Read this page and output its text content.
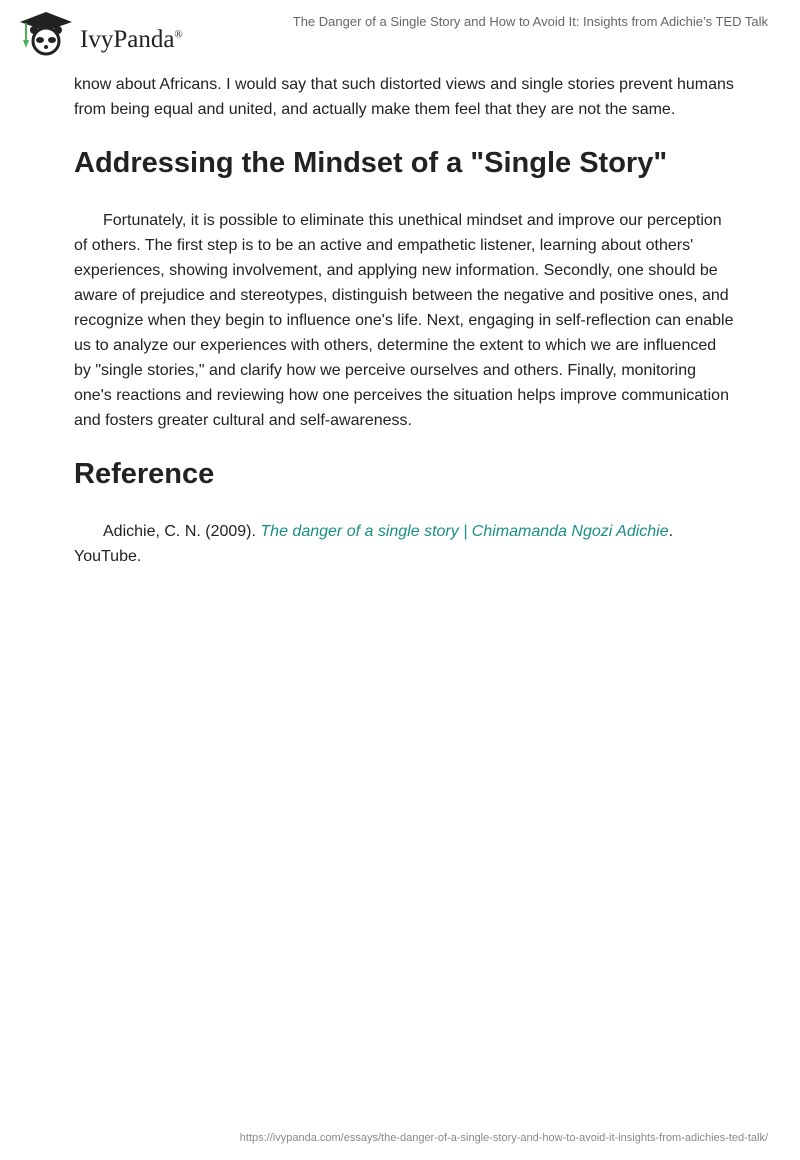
IvyPanda®
The Danger of a Single Story and How to Avoid It: Insights from Adichie’s TED Talk

know about Africans. I would say that such distorted views and single stories prevent humans from being equal and united, and actually make them feel that they are not the same.

Addressing the Mindset of a "Single Story"

Fortunately, it is possible to eliminate this unethical mindset and improve our perception of others. The first step is to be an active and empathetic listener, learning about others' experiences, showing involvement, and applying new information. Secondly, one should be aware of prejudice and stereotypes, distinguish between the negative and positive ones, and recognize when they begin to influence one's life. Next, engaging in self-reflection can enable us to analyze our experiences with others, determine the extent to which we are influenced by "single stories," and clarify how we perceive ourselves and others. Finally, monitoring one's reactions and reviewing how one perceives the situation helps improve communication and fosters greater cultural and self-awareness.

Reference

Adichie, C. N. (2009). The danger of a single story | Chimamanda Ngozi Adichie. YouTube.

https://ivypanda.com/essays/the-danger-of-a-single-story-and-how-to-avoid-it-insights-from-adichies-ted-talk/
